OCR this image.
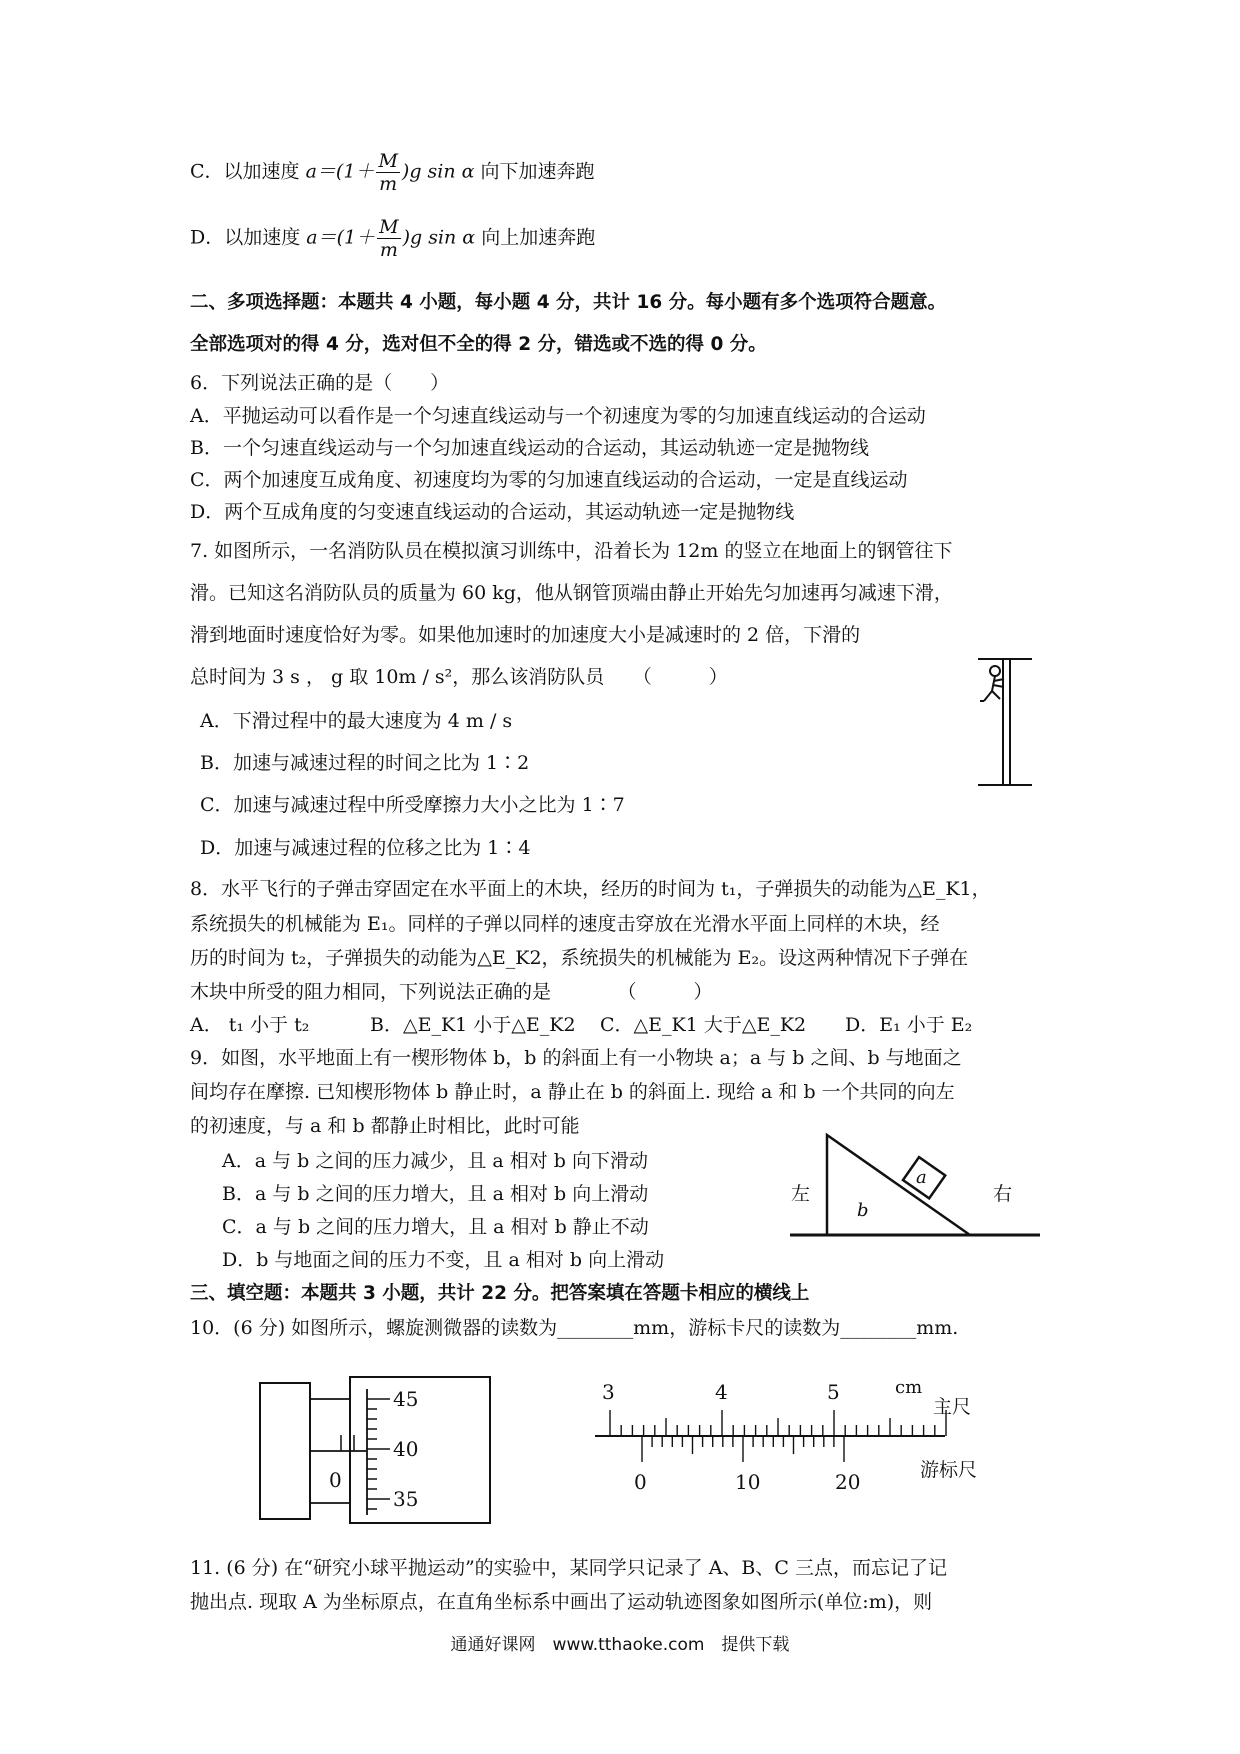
C．以加速度 $a=(1+ \frac{M}{m} )g$ sin α 向下加速奔跑
D．以加速度 $a=(1+ \frac{M}{m} )g$ sin α 向上加速奔跑
二、多项选择题：本题共 4 小题，每小题 4 分，共计 16 分。每小题有多个选项符合题意。
全部选项对的得 4 分，选对但不全的得 2 分，错选或不选的得 0 分。
6．下列说法正确的是（　　）
A．平抛运动可以看作是一个匀速直线运动与一个初速度为零的匀加速直线运动的合运动
B．一个匀速直线运动与一个匀加速直线运动的合运动，其运动轨迹一定是抛物线
C．两个加速度互成角度、初速度均为零的匀加速直线运动的合运动，一定是直线运动
D．两个互成角度的匀变速直线运动的合运动，其运动轨迹一定是抛物线
7. 如图所示，一名消防队员在模拟演习训练中，沿着长为 12m 的竖立在地面上的钢管往下
滑。已知这名消防队员的质量为 60 kg，他从钢管顶端由静止开始先匀加速再匀减速下滑，
滑到地面时速度恰好为零。如果他加速时的加速度大小是减速时的 2 倍，下滑的
总时间为 3 s ， g 取 10m / s²，那么该消防队员　　（　　　）
A．下滑过程中的最大速度为 4 m / s
B．加速与减速过程的时间之比为 1∶2
C．加速与减速过程中所受摩擦力大小之比为 1∶7
D．加速与减速过程的位移之比为 1∶4
8．水平飞行的子弹击穿固定在水平面上的木块，经历的时间为 t₁，子弹损失的动能为△E_K1，
系统损失的机械能为 E₁。同样的子弹以同样的速度击穿放在光滑水平面上同样的木块，经
历的时间为 t₂，子弹损失的动能为△E_K2，系统损失的机械能为 E₂。设这两种情况下子弹在
木块中所受的阻力相同，下列说法正确的是　　　　（　　　）
A． t₁ 小于 t₂	B．△E_K1 小于△E_K2 C．△E_K1 大于△E_K2 D．E₁ 小于 E₂
9．如图，水平地面上有一楔形物体 b，b 的斜面上有一小物块 a；a 与 b 之间、b 与地面之
间均存在摩擦. 已知楔形物体 b 静止时，a 静止在 b 的斜面上. 现给 a 和 b 一个共同的向左
的初速度，与 a 和 b 都静止时相比，此时可能
A．a 与 b 之间的压力减少，且 a 相对 b 向下滑动
B．a 与 b 之间的压力增大，且 a 相对 b 向上滑动
C．a 与 b 之间的压力增大，且 a 相对 b 静止不动
D．b 与地面之间的压力不变，且 a 相对 b 向上滑动
a
b
左	右
三、填空题：本题共 3 小题，共计 22 分。把答案填在答题卡相应的横线上
10．(6 分) 如图所示，螺旋测微器的读数为________mm，游标卡尺的读数为________mm.
45
40
0
35
3	4	5	cm
主尺
0	10	20	游标尺
11. (6 分) 在“研究小球平抛运动”的实验中，某同学只记录了 A、B、C 三点，而忘记了记
抛出点. 现取 A 为坐标原点，在直角坐标系中画出了运动轨迹图象如图所示(单位:m)，则
通通好课网　www.tthaoke.com　提供下载
